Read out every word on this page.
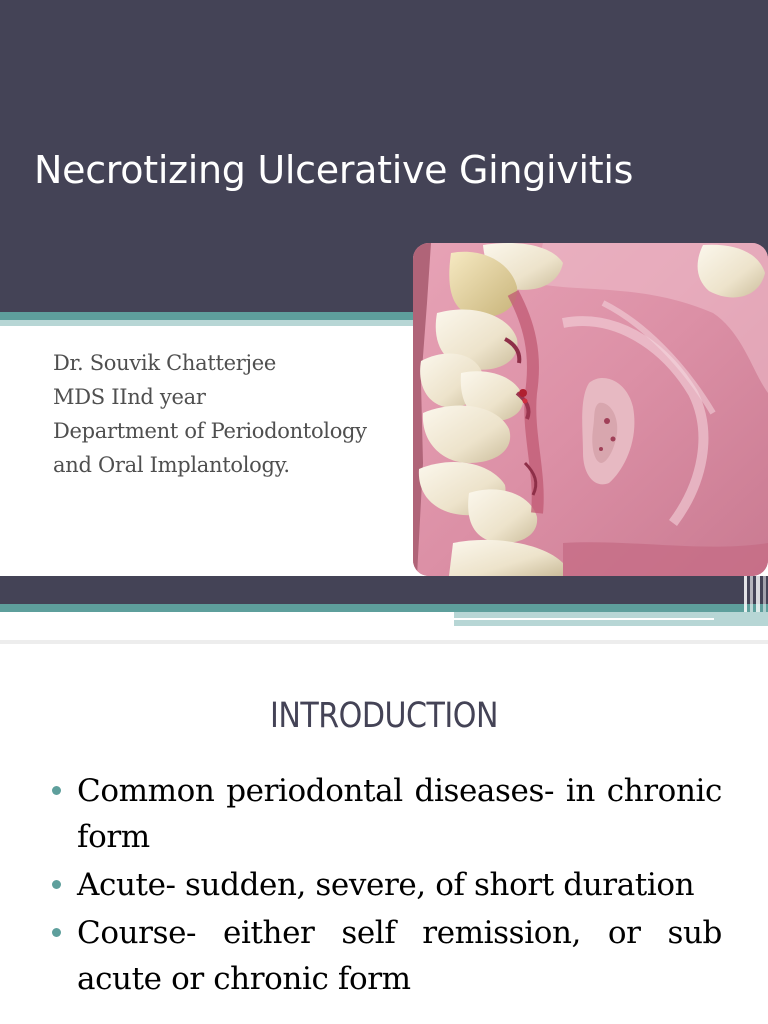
Necrotizing Ulcerative Gingivitis
Dr. Souvik Chatterjee
MDS IInd year
Department of Periodontology
and Oral Implantology.
INTRODUCTION
Common periodontal diseases- in chronic form
Acute- sudden, severe, of short duration
Course- either self remission, or sub acute or chronic form
